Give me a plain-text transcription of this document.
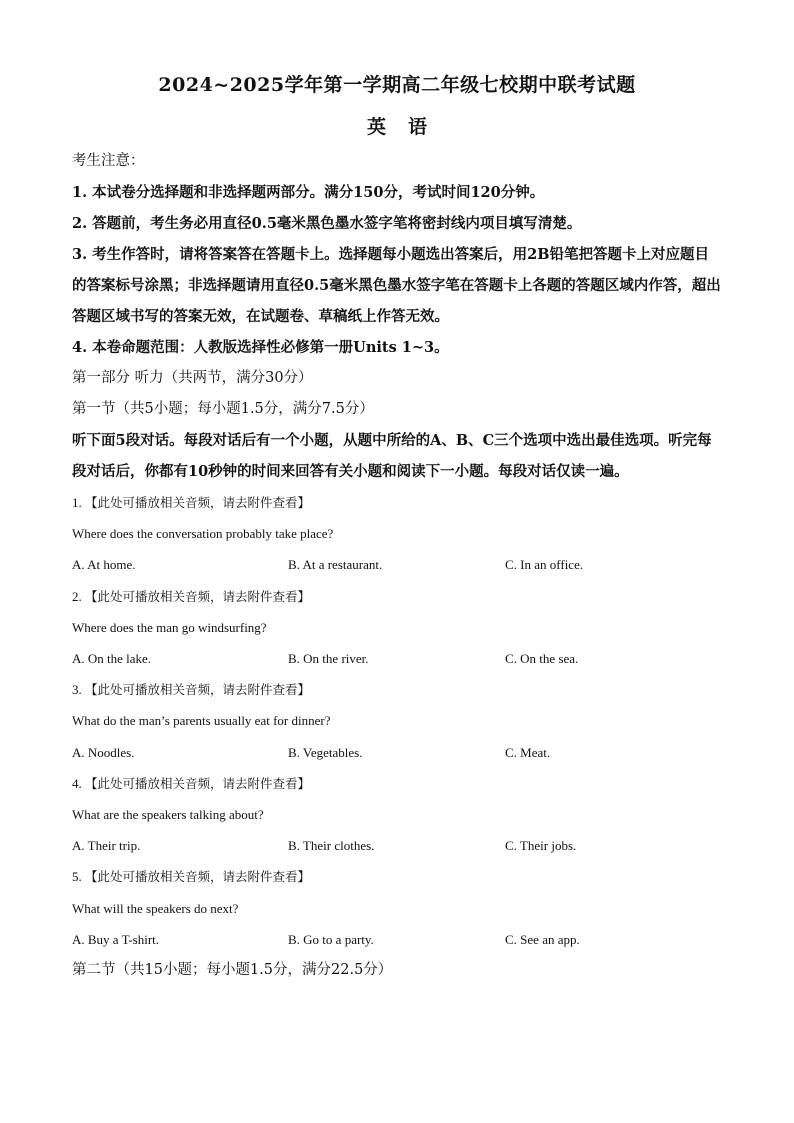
2024~2025学年第一学期高二年级七校期中联考试题
英语
考生注意：
1. 本试卷分选择题和非选择题两部分。满分150分，考试时间120分钟。
2. 答题前，考生务必用直径0.5毫米黑色墨水签字笔将密封线内项目填写清楚。
3. 考生作答时，请将答案答在答题卡上。选择题每小题选出答案后，用2B铅笔把答题卡上对应题目的答案标号涂黑；非选择题请用直径0.5毫米黑色墨水签字笔在答题卡上各题的答题区域内作答，超出答题区域书写的答案无效，在试题卷、草稿纸上作答无效。
4. 本卷命题范围：人教版选择性必修第一册Units 1~3。
第一部分 听力（共两节，满分30分）
第一节（共5小题；每小题1.5分，满分7.5分）
听下面5段对话。每段对话后有一个小题，从题中所给的A、B、C三个选项中选出最佳选项。听完每段对话后，你都有10秒钟的时间来回答有关小题和阅读下一小题。每段对话仅读一遍。
1. 【此处可播放相关音频，请去附件查看】
Where does the conversation probably take place?
A. At home.	B. At a restaurant.	C. In an office.
2. 【此处可播放相关音频，请去附件查看】
Where does the man go windsurfing?
A. On the lake.	B. On the river.	C. On the sea.
3. 【此处可播放相关音频，请去附件查看】
What do the man’s parents usually eat for dinner?
A. Noodles.	B. Vegetables.	C. Meat.
4. 【此处可播放相关音频，请去附件查看】
What are the speakers talking about?
A. Their trip.	B. Their clothes.	C. Their jobs.
5. 【此处可播放相关音频，请去附件查看】
What will the speakers do next?
A. Buy a T-shirt.	B. Go to a party.	C. See an app.
第二节（共15小题；每小题1.5分，满分22.5分）
